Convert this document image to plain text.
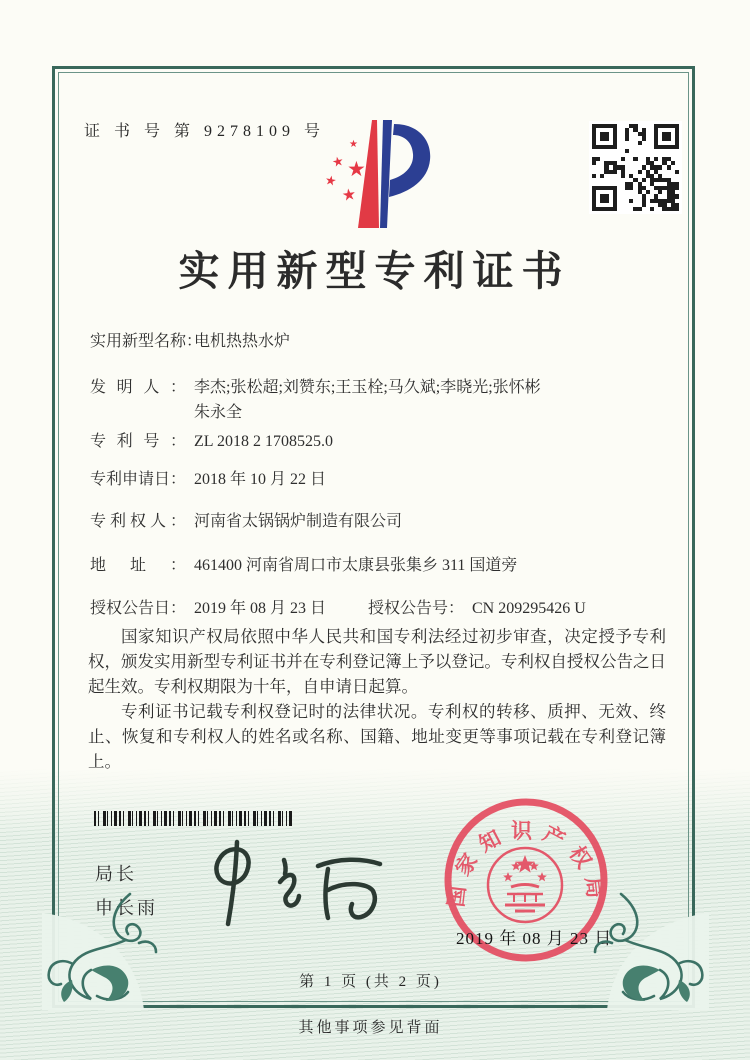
证 书 号 第 9278109 号
★
★ ★
★
★
实用新型专利证书
实用新型名称：电机热热水炉
发明人： 李杰;张松超;刘赞东;王玉栓;马久斌;李晓光;张怀彬
朱永全
专利号： ZL 2018 2 1708525.0
专利申请日： 2018 年 10 月 22 日
专利权人： 河南省太锅锅炉制造有限公司
地址： 461400 河南省周口市太康县张集乡 311 国道旁
授权公告日： 2019 年 08 月 23 日	授权公告号： CN 209295426 U

国家知识产权局依照中华人民共和国专利法经过初步审查，决定授予专利权，颁发实用新型专利证书并在专利登记簿上予以登记。专利权自授权公告之日起生效。专利权期限为十年，自申请日起算。

专利证书记载专利权登记时的法律状况。专利权的转移、质押、无效、终止、恢复和专利权人的姓名或名称、国籍、地址变更等事项记载在专利登记簿上。

局长
申长雨	国家知识产权局
2019 年 08 月 23 日
第 1 页 (共 2 页)
其他事项参见背面
